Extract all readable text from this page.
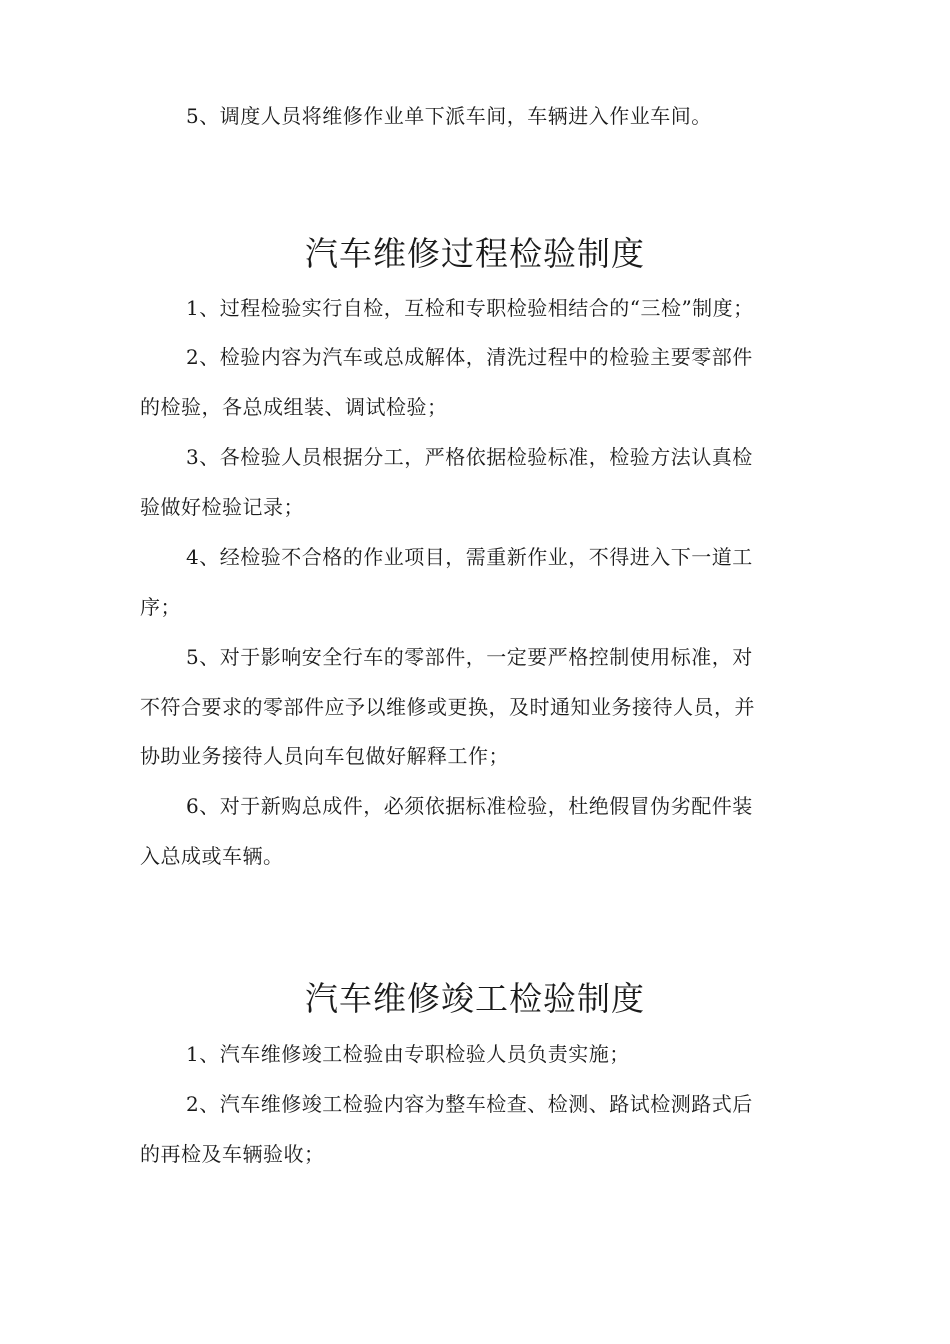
5、调度人员将维修作业单下派车间，车辆进入作业车间。
汽车维修过程检验制度
1、过程检验实行自检，互检和专职检验相结合的“三检”制度；
2、检验内容为汽车或总成解体，清洗过程中的检验主要零部件
的检验，各总成组装、调试检验；
3、各检验人员根据分工，严格依据检验标准，检验方法认真检
验做好检验记录；
4、经检验不合格的作业项目，需重新作业，不得进入下一道工
序；
5、对于影响安全行车的零部件，一定要严格控制使用标准，对
不符合要求的零部件应予以维修或更换，及时通知业务接待人员，并
协助业务接待人员向车包做好解释工作；
6、对于新购总成件，必须依据标准检验，杜绝假冒伪劣配件装
入总成或车辆。
汽车维修竣工检验制度
1、汽车维修竣工检验由专职检验人员负责实施；
2、汽车维修竣工检验内容为整车检查、检测、路试检测路式后
的再检及车辆验收；
